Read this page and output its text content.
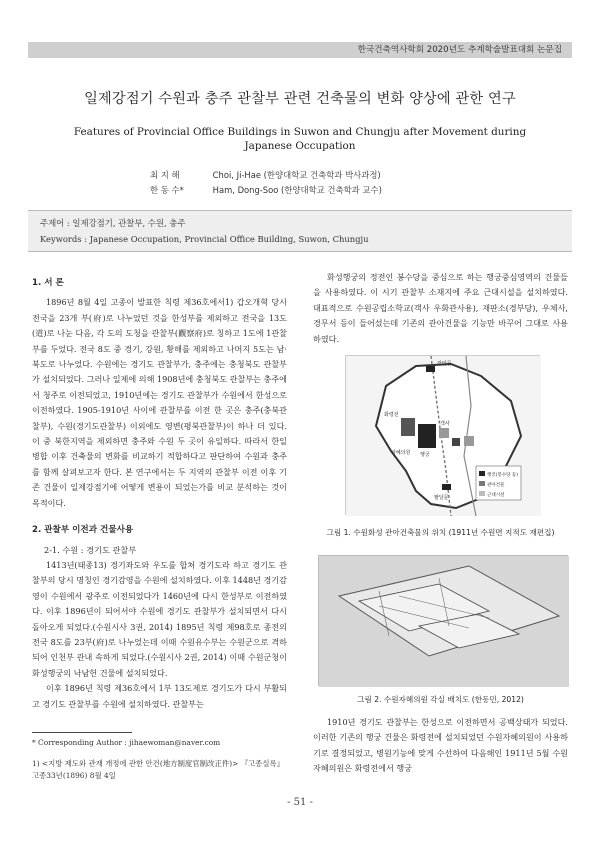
한국건축역사학회 2020년도 추계학술발표대회 논문집
일제강점기 수원과 충주 관찰부 관련 건축물의 변화 양상에 관한 연구
Features of Provincial Office Buildings in Suwon and Chungju after Movement during Japanese Occupation
최 지 해	Choi, Ji-Hae (한양대학교 건축학과 박사과정)
한 동 수*	Ham, Dong-Soo (한양대학교 건축학과 교수)
주제어 : 일제강점기, 관찰부, 수원, 충주
Keywords : Japanese Occupation, Provincial Office Building, Suwon, Chungju
1. 서 론

1896년 8월 4일 고종이 발표한 칙령 제36호에서1) 갑오개혁 당시 전국을 23개 부(府)로 나누었던 것을 한성부를 제외하고 전국을 13도(道)로 나눈 다음, 각 도의 도청을 관찰부(觀察府)로 칭하고 1도에 1관찰부를 두었다. 전국 8도 중 경기, 강원, 황해를 제외하고 나머지 5도는 남·북도로 나누었다. 수원에는 경기도 관찰부가, 충주에는 충청북도 관찰부가 설치되었다. 그러나 일제에 의해 1908년에 충청북도 관찰부는 충주에서 청주로 이전되었고, 1910년에는 경기도 관찰부가 수원에서 한성으로 이전하였다. 1905-1910년 사이에 관찰부를 이전 한 곳은 충주(충북관찰부), 수원(경기도관찰부) 이외에도 영변(평북관찰부)이 하나 더 있다. 이 중 북한지역을 제외하면 충주와 수원 두 곳이 유일하다. 따라서 한일병합 이후 건축물의 변화를 비교하기 적합하다고 판단하여 수원과 충주를 함께 살펴보고자 한다. 본 연구에서는 두 지역의 관찰부 이전 이후 기존 건물이 일제강점기에 어떻게 변용이 되었는가를 비교 분석하는 것이 목적이다.

2. 관찰부 이전과 건물사용
2-1. 수원 : 경기도 관찰부

1413년(태종13) 경기좌도와 우도를 합쳐 경기도라 하고 경기도 관찰부의 당시 명칭인 경기감영을 수원에 설치하였다. 이후 1448년 경기감영이 수원에서 광주로 이전되었다가 1460년에 다시 한성부로 이전하였다. 이후 1896년이 되어서야 수원에 경기도 관찰부가 설치되면서 다시 돌아오게 되었다.(수원시사 3권, 2014) 1895년 칙령 제98호로 종전의 전국 8도를 23부(府)로 나누었는데 이때 수원유수부는 수원군으로 격하되어 인천부 관내 속하게 되었다.(수원시사 2권, 2014) 이때 수원군청이 화성행궁의 낙남헌 건물에 설치되었다.

이후 1896년 칙령 제36호에서 1부 13도제로 경기도가 다시 부활되고 경기도 관찰부를 수원에 설치하였다. 관찰부는

* Corresponding Author : jihaewoman@naver.com
1) <지방 제도와 관재 개정에 관한 안건(地方制度官制改正件)> 『고종실록』 고종33년(1896) 8월 4일

화성행궁의 정전인 봉수당을 중심으로 하는 행궁중심영역의 건물들을 사용하였다. 이 시기 관찰부 소재지에 주요 근대시설을 설치하였다. 대표적으로 수원공립소학교(객사 우화관사용), 재판소(경부당), 우체사, 경무서 등이 들어섰는데 기존의 관아건물을 기능만 바꾸어 그대로 사용하였다.

장안문
팔달문
화령전
자혜의원
객사
행궁
행궁(봉수당 등)
관아건물
근대시설
그림 1. 수원화성 관아건축물의 위치 (1911년 수원면 지적도 재편집)
그림 2. 수원자혜의원 각실 배치도 (한동민, 2012)

1910년 경기도 관찰부는 한성으로 이전하면서 공백상태가 되었다. 이러한 기존의 행궁 건물은 화령전에 설치되었던 수원자혜의원이 사용하기로 결정되었고, 병원기능에 맞게 수선하여 다음해인 1911년 5월 수원자혜의원은 화령전에서 행궁

- 51 -
